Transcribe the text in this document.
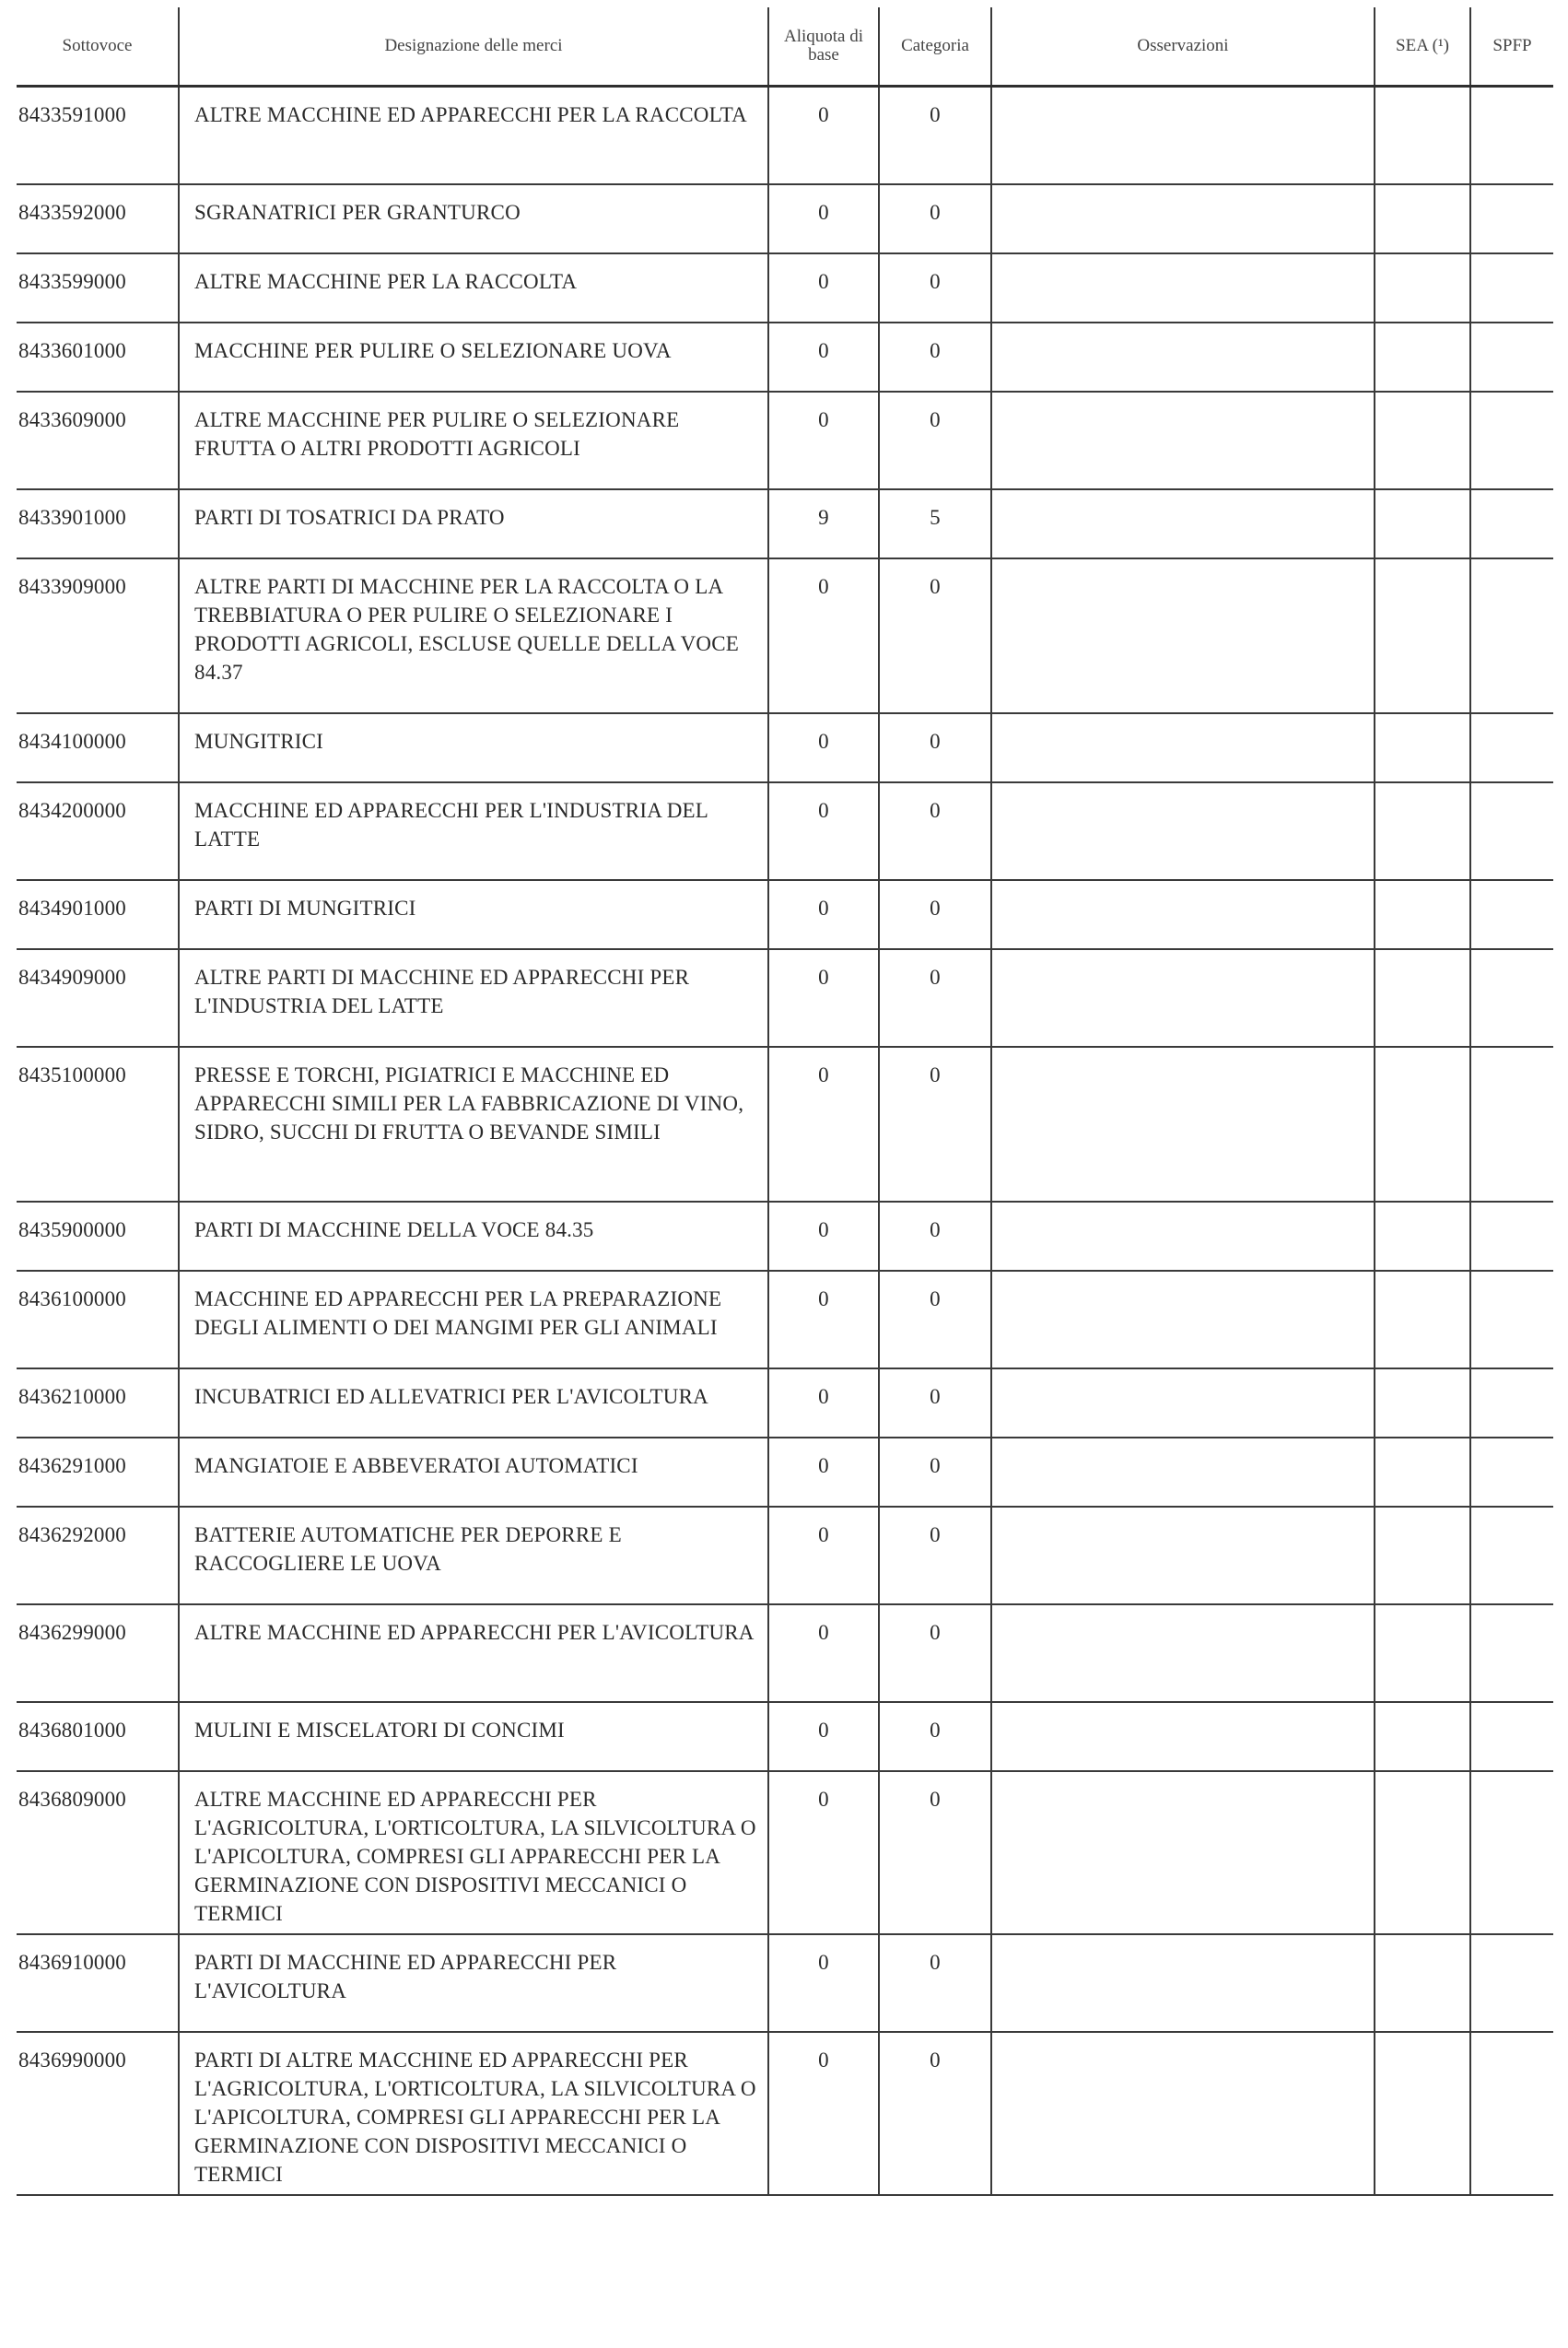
Sottovoce	Designazione delle merci	Aliquota di base	Categoria	Osservazioni	SEA (¹)	SPFP
8433591000	ALTRE MACCHINE ED APPARECCHI PER LA RACCOLTA	0	0			
8433592000	SGRANATRICI PER GRANTURCO	0	0			
8433599000	ALTRE MACCHINE PER LA RACCOLTA	0	0			
8433601000	MACCHINE PER PULIRE O SELEZIONARE UOVA	0	0			
8433609000	ALTRE MACCHINE PER PULIRE O SELEZIONARE FRUTTA O ALTRI PRODOTTI AGRICOLI	0	0			
8433901000	PARTI DI TOSATRICI DA PRATO	9	5			
8433909000	ALTRE PARTI DI MACCHINE PER LA RACCOLTA O LA TREBBIATURA O PER PULIRE O SELEZIONARE I PRODOTTI AGRICOLI, ESCLUSE QUELLE DELLA VOCE 84.37	0	0			
8434100000	MUNGITRICI	0	0			
8434200000	MACCHINE ED APPARECCHI PER L'INDUSTRIA DEL LATTE	0	0			
8434901000	PARTI DI MUNGITRICI	0	0			
8434909000	ALTRE PARTI DI MACCHINE ED APPARECCHI PER L'INDUSTRIA DEL LATTE	0	0			
8435100000	PRESSE E TORCHI, PIGIATRICI E MACCHINE ED APPARECCHI SIMILI PER LA FABBRICAZIONE DI VINO, SIDRO, SUCCHI DI FRUTTA O BEVANDE SIMILI	0	0			
8435900000	PARTI DI MACCHINE DELLA VOCE 84.35	0	0			
8436100000	MACCHINE ED APPARECCHI PER LA PREPARAZIONE DEGLI ALIMENTI O DEI MANGIMI PER GLI ANIMALI	0	0			
8436210000	INCUBATRICI ED ALLEVATRICI PER L'AVICOLTURA	0	0			
8436291000	MANGIATOIE E ABBEVERATOI AUTOMATICI	0	0			
8436292000	BATTERIE AUTOMATICHE PER DEPORRE E RACCOGLIERE LE UOVA	0	0			
8436299000	ALTRE MACCHINE ED APPARECCHI PER L'AVICOLTURA	0	0			
8436801000	MULINI E MISCELATORI DI CONCIMI	0	0			
8436809000	ALTRE MACCHINE ED APPARECCHI PER L'AGRICOLTURA, L'ORTICOLTURA, LA SILVICOLTURA O L'APICOLTURA, COMPRESI GLI APPARECCHI PER LA GERMINAZIONE CON DISPOSITIVI MECCANICI O TERMICI	0	0			
8436910000	PARTI DI MACCHINE ED APPARECCHI PER L'AVICOLTURA	0	0			
8436990000	PARTI DI ALTRE MACCHINE ED APPARECCHI PER L'AGRICOLTURA, L'ORTICOLTURA, LA SILVICOLTURA O L'APICOLTURA, COMPRESI GLI APPARECCHI PER LA GERMINAZIONE CON DISPOSITIVI MECCANICI O TERMICI	0	0			
